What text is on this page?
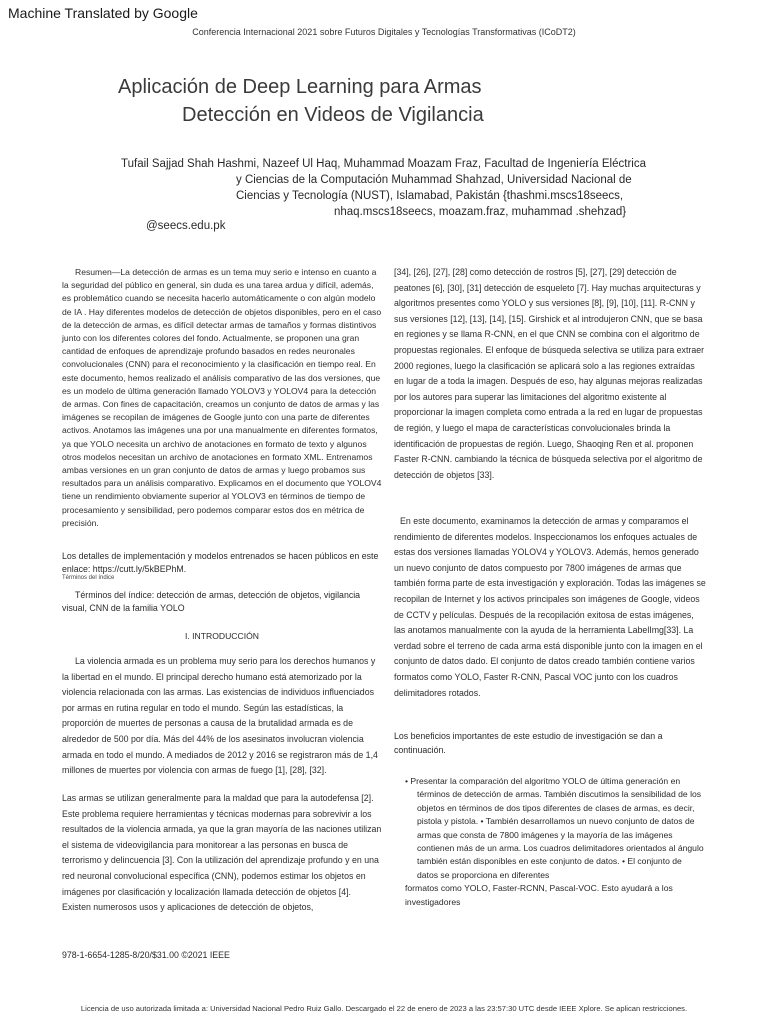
Machine Translated by Google
Conferencia Internacional 2021 sobre Futuros Digitales y Tecnologías Transformativas (ICoDT2)
Aplicación de Deep Learning para Armas
Detección en Videos de Vigilancia
Tufail Sajjad Shah Hashmi, Nazeef Ul Haq, Muhammad Moazam Fraz, Facultad de Ingeniería Eléctrica
y Ciencias de la Computación Muhammad Shahzad, Universidad Nacional de
Ciencias y Tecnología (NUST), Islamabad, Pakistán {thashmi.mscs18seecs,
nhaq.mscs18seecs, moazam.fraz, muhammad .shehzad}
@seecs.edu.pk

Resumen—La detección de armas es un tema muy serio e intenso en cuanto a la seguridad del público en general, sin duda es una tarea ardua y difícil, además, es problemático cuando se necesita hacerlo automáticamente o con algún modelo de IA . Hay diferentes modelos de detección de objetos disponibles, pero en el caso de la detección de armas, es difícil detectar armas de tamaños y formas distintivos junto con los diferentes colores del fondo. Actualmente, se proponen una gran cantidad de enfoques de aprendizaje profundo basados en redes neuronales convolucionales (CNN) para el reconocimiento y la clasificación en tiempo real. En este documento, hemos realizado el análisis comparativo de las dos versiones, que es un modelo de última generación llamado YOLOV3 y YOLOV4 para la detección de armas. Con fines de capacitación, creamos un conjunto de datos de armas y las imágenes se recopilan de imágenes de Google junto con una parte de diferentes activos. Anotamos las imágenes una por una manualmente en diferentes formatos, ya que YOLO necesita un archivo de anotaciones en formato de texto y algunos otros modelos necesitan un archivo de anotaciones en formato XML. Entrenamos ambas versiones en un gran conjunto de datos de armas y luego probamos sus resultados para un análisis comparativo. Explicamos en el documento que YOLOV4 tiene un rendimiento obviamente superior al YOLOV3 en términos de tiempo de procesamiento y sensibilidad, pero podemos comparar estos dos en métrica de precisión.

Los detalles de implementación y modelos entrenados se hacen públicos en este enlace: https://cutt.ly/5kBEPhM.

Términos del índice

Términos del índice: detección de armas, detección de objetos, vigilancia visual, CNN de la familia YOLO

I. INTRODUCCIÓN

La violencia armada es un problema muy serio para los derechos humanos y la libertad en el mundo. El principal derecho humano está atemorizado por la violencia relacionada con las armas. Las existencias de individuos influenciados por armas en rutina regular en todo el mundo. Según las estadísticas, la proporción de muertes de personas a causa de la brutalidad armada es de alrededor de 500 por día. Más del 44% de los asesinatos involucran violencia armada en todo el mundo. A mediados de 2012 y 2016 se registraron más de 1,4 millones de muertes por violencia con armas de fuego [1], [28], [32].

Las armas se utilizan generalmente para la maldad que para la autodefensa [2]. Este problema requiere herramientas y técnicas modernas para sobrevivir a los resultados de la violencia armada, ya que la gran mayoría de las naciones utilizan el sistema de videovigilancia para monitorear a las personas en busca de terrorismo y delincuencia [3]. Con la utilización del aprendizaje profundo y en una red neuronal convolucional específica (CNN), podemos estimar los objetos en imágenes por clasificación y localización llamada detección de objetos [4]. Existen numerosos usos y aplicaciones de detección de objetos,

978-1-6654-1285-8/20/$31.00 ©2021 IEEE

[34], [26], [27], [28] como detección de rostros [5], [27], [29] detección de peatones [6], [30], [31] detección de esqueleto [7]. Hay muchas arquitecturas y algoritmos presentes como YOLO y sus versiones [8], [9], [10], [11]. R-CNN y sus versiones [12], [13], [14], [15]. Girshick et al introdujeron CNN, que se basa en regiones y se llama R-CNN, en el que CNN se combina con el algoritmo de propuestas regionales. El enfoque de búsqueda selectiva se utiliza para extraer 2000 regiones, luego la clasificación se aplicará solo a las regiones extraídas en lugar de a toda la imagen. Después de eso, hay algunas mejoras realizadas por los autores para superar las limitaciones del algoritmo existente al proporcionar la imagen completa como entrada a la red en lugar de propuestas de región, y luego el mapa de características convolucionales brinda la identificación de propuestas de región. Luego, Shaoqing Ren et al. proponen Faster R-CNN. cambiando la técnica de búsqueda selectiva por el algoritmo de detección de objetos [33].

En este documento, examinamos la detección de armas y comparamos el rendimiento de diferentes modelos. Inspeccionamos los enfoques actuales de estas dos versiones llamadas YOLOV4 y YOLOV3. Además, hemos generado un nuevo conjunto de datos compuesto por 7800 imágenes de armas que también forma parte de esta investigación y exploración. Todas las imágenes se recopilan de Internet y los activos principales son imágenes de Google, videos de CCTV y películas. Después de la recopilación exitosa de estas imágenes, las anotamos manualmente con la ayuda de la herramienta LabelImg[33]. La verdad sobre el terreno de cada arma está disponible junto con la imagen en el conjunto de datos dado. El conjunto de datos creado también contiene varios formatos como YOLO, Faster R-CNN, Pascal VOC junto con los cuadros delimitadores rotados.

Los beneficios importantes de este estudio de investigación se dan a continuación.

• Presentar la comparación del algoritmo YOLO de última generación en términos de detección de armas. También discutimos la sensibilidad de los objetos en términos de dos tipos diferentes de clases de armas, es decir, pistola y pistola. • También desarrollamos un nuevo conjunto de datos de armas que consta de 7800 imágenes y la mayoría de las imágenes contienen más de un arma. Los cuadros delimitadores orientados al ángulo también están disponibles en este conjunto de datos. • El conjunto de datos se proporciona en diferentes
formatos como YOLO, Faster-RCNN, Pascal-VOC. Esto ayudará a los investigadores
Licencia de uso autorizada limitada a: Universidad Nacional Pedro Ruiz Gallo. Descargado el 22 de enero de 2023 a las 23:57:30 UTC desde IEEE Xplore. Se aplican restricciones.
